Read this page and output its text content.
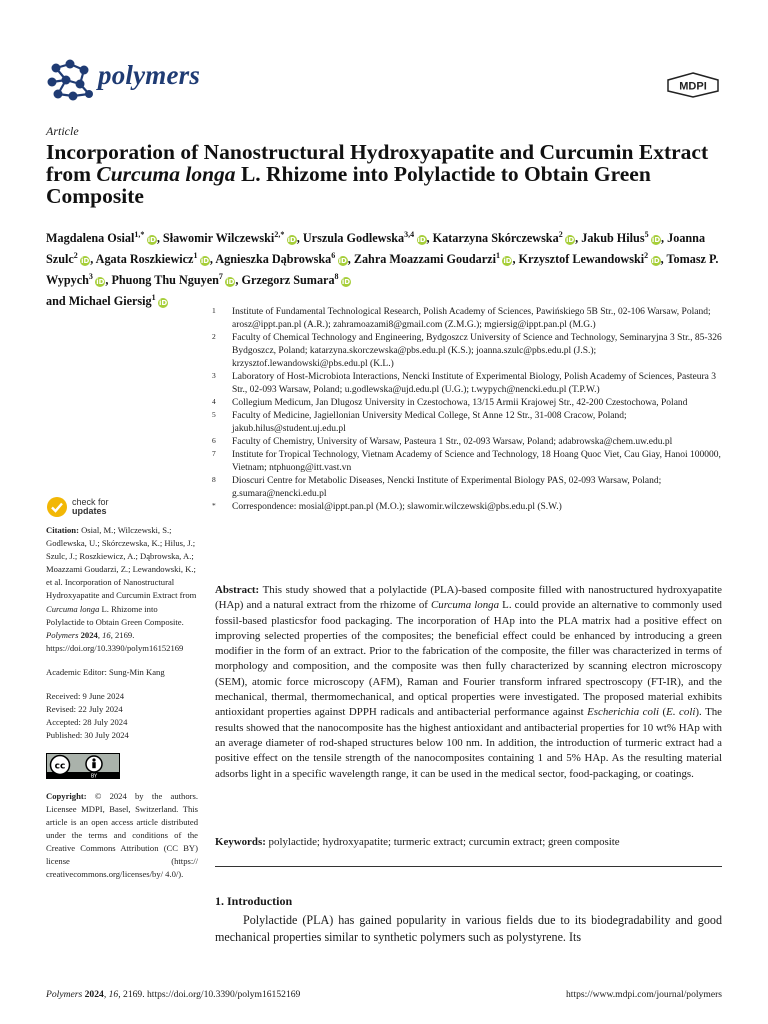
polymers	MDPI
Article
Incorporation of Nanostructural Hydroxyapatite and Curcumin Extract from Curcuma longa L. Rhizome into Polylactide to Obtain Green Composite
Magdalena Osial$^{1,*}$ iD, Sławomir Wilczewski$^{2,*}$ iD, Urszula Godlewska$^{3,4}$ iD, Katarzyna Skórczewska$^2$ iD, Jakub Hilus$^5$ iD, Joanna Szulc$^2$ iD, Agata Roszkiewicz$^1$ iD, Agnieszka Dąbrowska$^6$ iD, Zahra Moazzami Goudarzi$^1$ iD, Krzysztof Lewandowski$^2$ iD, Tomasz P. Wypych$^3$ iD, Phuong Thu Nguyen$^7$ iD, Grzegorz Sumara$^8$ iD
and Michael Giersig$^1$ iD
1 Institute of Fundamental Technological Research, Polish Academy of Sciences, Pawińskiego 5B Str., 02-106 Warsaw, Poland; arosz@ippt.pan.pl (A.R.); zahramoazami8@gmail.com (Z.M.G.); mgiersig@ippt.pan.pl (M.G.)
2 Faculty of Chemical Technology and Engineering, Bydgoszcz University of Science and Technology, Seminaryjna 3 Str., 85-326 Bydgoszcz, Poland; katarzyna.skorczewska@pbs.edu.pl (K.S.); joanna.szulc@pbs.edu.pl (J.S.); krzysztof.lewandowski@pbs.edu.pl (K.L.)
3 Laboratory of Host-Microbiota Interactions, Nencki Institute of Experimental Biology, Polish Academy of Sciences, Pasteura 3 Str., 02-093 Warsaw, Poland; u.godlewska@ujd.edu.pl (U.G.); t.wypych@nencki.edu.pl (T.P.W.)
4 Collegium Medicum, Jan Dlugosz University in Czestochowa, 13/15 Armii Krajowej Str., 42-200 Czestochowa, Poland
5 Faculty of Medicine, Jagiellonian University Medical College, St Anne 12 Str., 31-008 Cracow, Poland; jakub.hilus@student.uj.edu.pl
6 Faculty of Chemistry, University of Warsaw, Pasteura 1 Str., 02-093 Warsaw, Poland; adabrowska@chem.uw.edu.pl
7 Institute for Tropical Technology, Vietnam Academy of Science and Technology, 18 Hoang Quoc Viet, Cau Giay, Hanoi 100000, Vietnam; ntphuong@itt.vast.vn
8 Dioscuri Centre for Metabolic Diseases, Nencki Institute of Experimental Biology PAS, 02-093 Warsaw, Poland; g.sumara@nencki.edu.pl
* Correspondence: mosial@ippt.pan.pl (M.O.); slawomir.wilczewski@pbs.edu.pl (S.W.)
check for
updates
Citation: Osial, M.; Wilczewski, S.; Godlewska, U.; Skórczewska, K.; Hilus, J.; Szulc, J.; Roszkiewicz, A.; Dąbrowska, A.; Moazzami Goudarzi, Z.; Lewandowski, K.; et al. Incorporation of Nanostructural Hydroxyapatite and Curcumin Extract from Curcuma longa L. Rhizome into Polylactide to Obtain Green Composite. Polymers 2024, 16, 2169. https://doi.org/10.3390/polym16152169
Academic Editor: Sung-Min Kang
Received: 9 June 2024
Revised: 22 July 2024
Accepted: 28 July 2024
Published: 30 July 2024
cc
BY
Copyright: © 2024 by the authors. Licensee MDPI, Basel, Switzerland. This article is an open access article distributed under the terms and conditions of the Creative Commons Attribution (CC BY) license (https:// creativecommons.org/licenses/by/ 4.0/).
Abstract: This study showed that a polylactide (PLA)-based composite filled with nanostructured hydroxyapatite (HAp) and a natural extract from the rhizome of Curcuma longa L. could provide an alternative to commonly used fossil-based plasticsfor food packaging. The incorporation of HAp into the PLA matrix had a positive effect on improving selected properties of the composites; the beneficial effect could be enhanced by introducing a green modifier in the form of an extract. Prior to the fabrication of the composite, the filler was characterized in terms of morphology and composition, and the composite was then fully characterized by scanning electron microscopy (SEM), atomic force microscopy (AFM), Raman and Fourier transform infrared spectroscopy (FT-IR), and the mechanical, thermal, thermomechanical, and optical properties were investigated. The proposed material exhibits antioxidant properties against DPPH radicals and antibacterial performance against Escherichia coli (E. coli). The results showed that the nanocomposite has the highest antioxidant and antibacterial properties for 10 wt% HAp with an average diameter of rod-shaped structures below 100 nm. In addition, the introduction of turmeric extract had a positive effect on the tensile strength of the nanocomposites containing 1 and 5% HAp. As the resulting material adsorbs light in a specific wavelength range, it can be used in the medical sector, food-packaging, or coatings.
Keywords: polylactide; hydroxyapatite; turmeric extract; curcumin extract; green composite
1. Introduction
Polylactide (PLA) has gained popularity in various fields due to its biodegradability and good mechanical properties similar to synthetic polymers such as polystyrene. Its
Polymers 2024, 16, 2169. https://doi.org/10.3390/polym16152169	https://www.mdpi.com/journal/polymers
